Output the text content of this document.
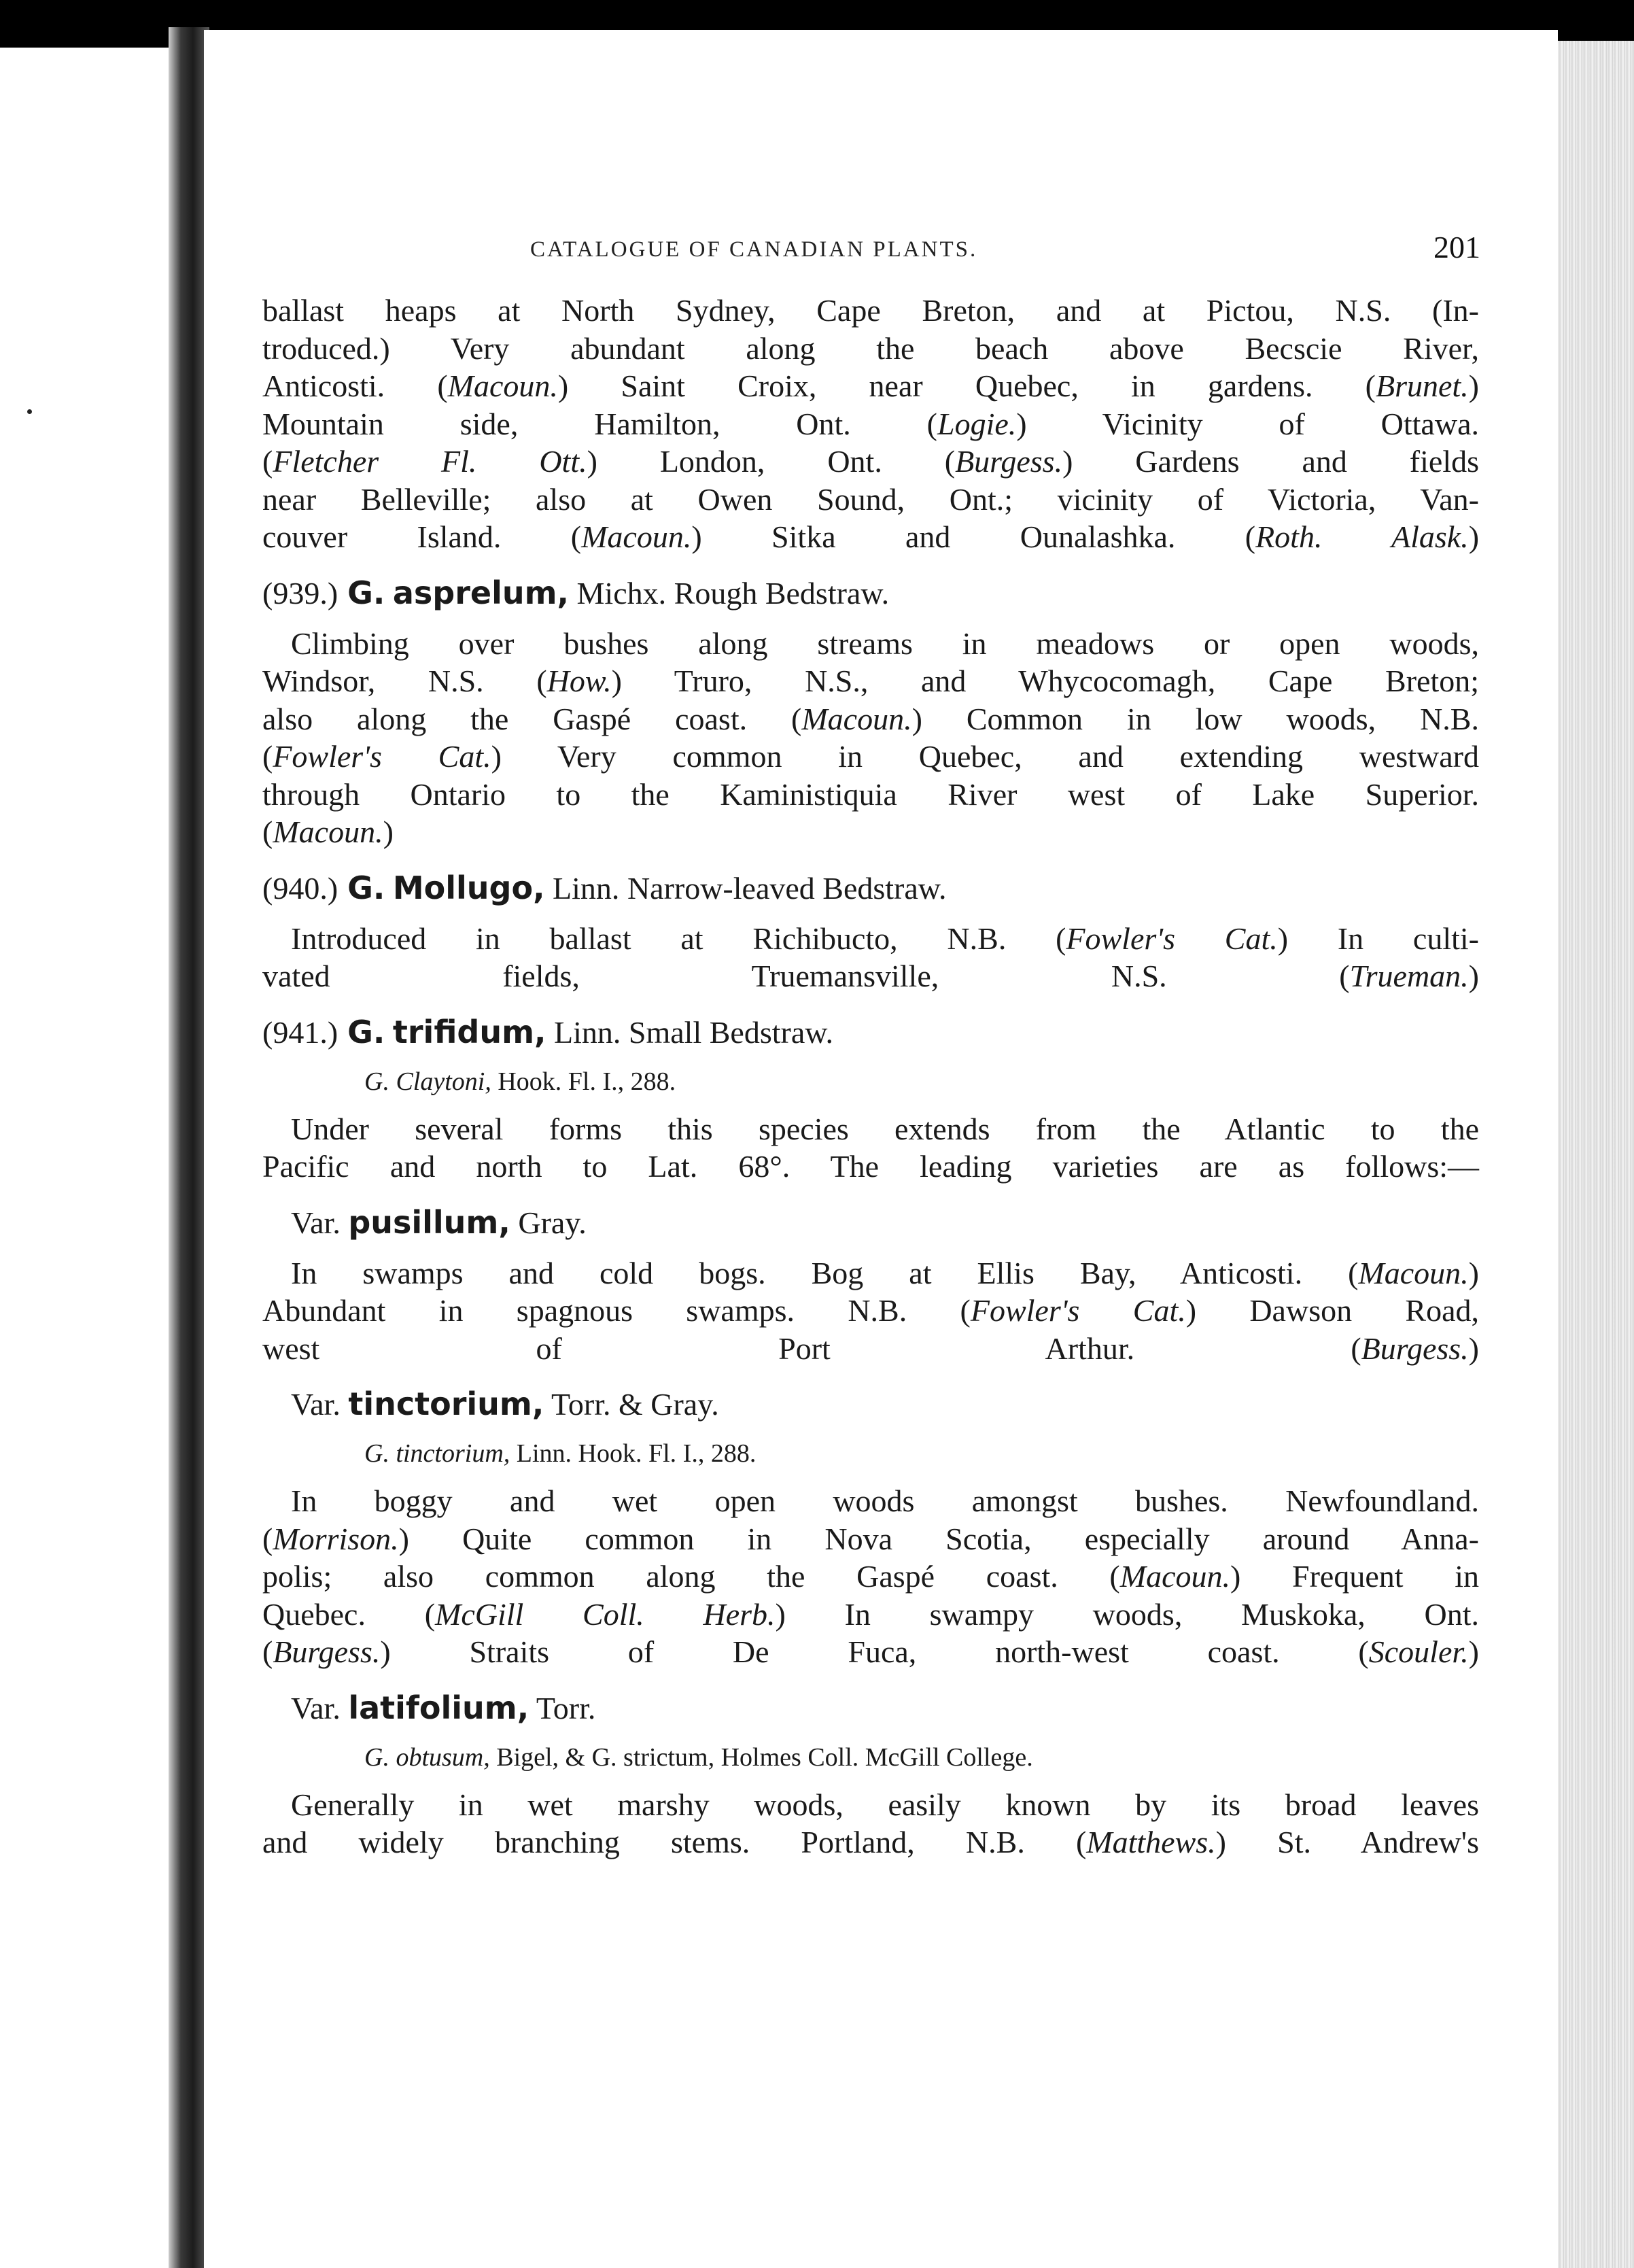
CATALOGUE OF CANADIAN PLANTS.	201
ballast heaps at North Sydney, Cape Breton, and at Pictou, N.S. (In-
troduced.) Very abundant along the beach above Becscie River,
Anticosti. (Macoun.) Saint Croix, near Quebec, in gardens. (Brunet.)
Mountain side, Hamilton, Ont. (Logie.) Vicinity of Ottawa.
(Fletcher Fl. Ott.) London, Ont. (Burgess.) Gardens and fields
near Belleville; also at Owen Sound, Ont.; vicinity of Victoria, Van-
couver Island. (Macoun.) Sitka and Ounalashka. (Roth. Alask.)
(939.) G. asprelum, Michx. Rough Bedstraw.
Climbing over bushes along streams in meadows or open woods,
Windsor, N.S. (How.) Truro, N.S., and Whycocomagh, Cape Breton;
also along the Gaspé coast. (Macoun.) Common in low woods, N.B.
(Fowler's Cat.) Very common in Quebec, and extending westward
through Ontario to the Kaministiquia River west of Lake Superior.
(Macoun.)
(940.) G. Mollugo, Linn. Narrow-leaved Bedstraw.
Introduced in ballast at Richibucto, N.B. (Fowler's Cat.) In culti-
vated fields, Truemansville, N.S. (Trueman.)
(941.) G. trifidum, Linn. Small Bedstraw.
G. Claytoni, Hook. Fl. I., 288.
Under several forms this species extends from the Atlantic to the
Pacific and north to Lat. 68°. The leading varieties are as follows:—
Var. pusillum, Gray.
In swamps and cold bogs. Bog at Ellis Bay, Anticosti. (Macoun.)
Abundant in spagnous swamps. N.B. (Fowler's Cat.) Dawson Road,
west of Port Arthur. (Burgess.)
Var. tinctorium, Torr. & Gray.
G. tinctorium, Linn. Hook. Fl. I., 288.
In boggy and wet open woods amongst bushes. Newfoundland.
(Morrison.) Quite common in Nova Scotia, especially around Anna-
polis; also common along the Gaspé coast. (Macoun.) Frequent in
Quebec. (McGill Coll. Herb.) In swampy woods, Muskoka, Ont.
(Burgess.) Straits of De Fuca, north-west coast. (Scouler.)
Var. latifolium, Torr.
G. obtusum, Bigel, & G. strictum, Holmes Coll. McGill College.
Generally in wet marshy woods, easily known by its broad leaves
and widely branching stems. Portland, N.B. (Matthews.) St. Andrew's
